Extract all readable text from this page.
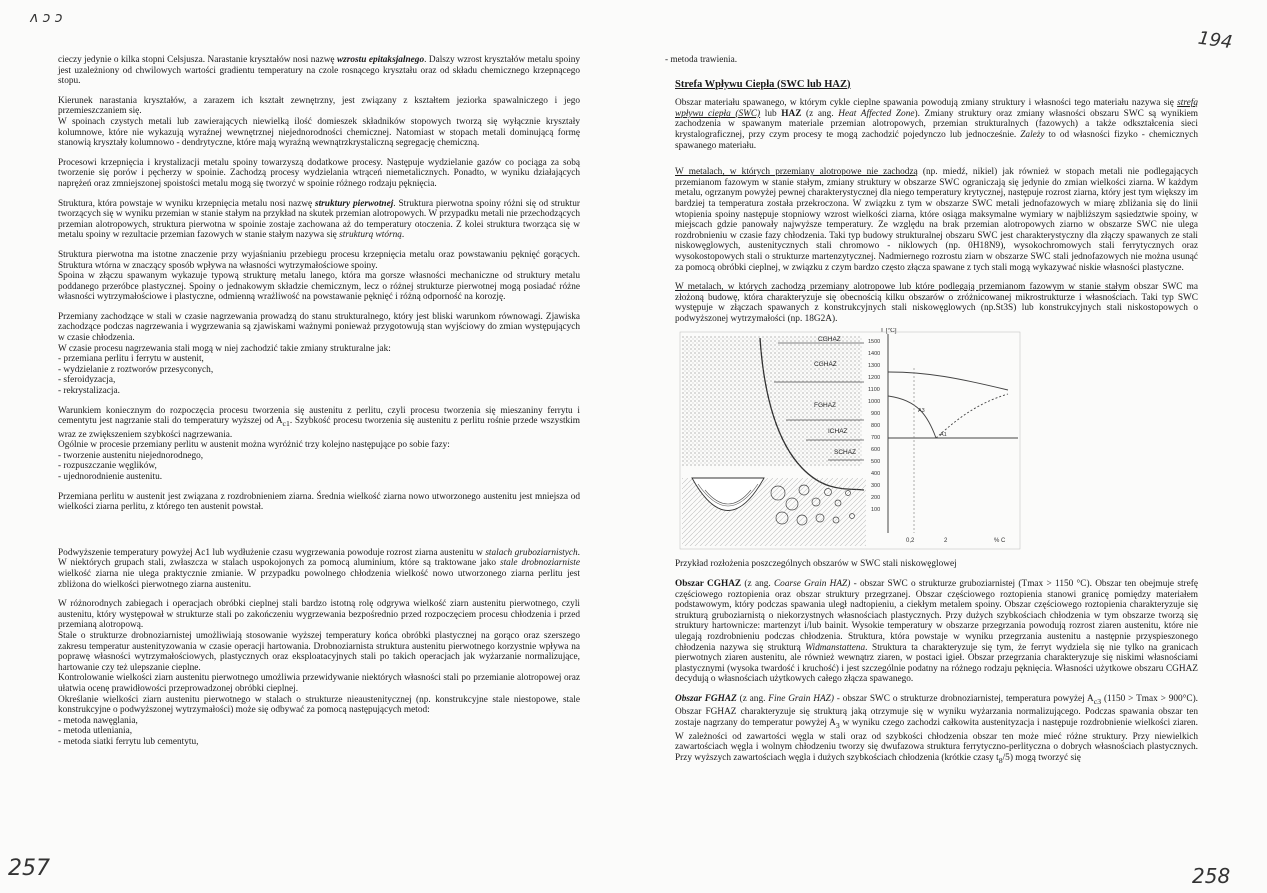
ʌ ↄ ↄ
194
257	258

cieczy jedynie o kilka stopni Celsjusza. Narastanie kryształów nosi nazwę wzrostu epitaksjalnego. Dalszy wzrost kryształów metalu spoiny jest uzależniony od chwilowych wartości gradientu temperatury na czole rosnącego kryształu oraz od składu chemicznego krzepnącego stopu.

Kierunek narastania kryształów, a zarazem ich kształt zewnętrzny, jest związany z kształtem jeziorka spawalniczego i jego przemieszczaniem się.

W spoinach czystych metali lub zawierających niewielką ilość domieszek składników stopowych tworzą się wyłącznie kryształy kolumnowe, które nie wykazują wyraźnej wewnętrznej niejednorodności chemicznej. Natomiast w stopach metali dominującą formę stanowią kryształy kolumnowo - dendrytyczne, które mają wyraźną wewnątrzkrystaliczną segregację chemiczną.

Procesowi krzepnięcia i krystalizacji metalu spoiny towarzyszą dodatkowe procesy. Następuje wydzielanie gazów co pociąga za sobą tworzenie się porów i pęcherzy w spoinie. Zachodzą procesy wydzielania wtrąceń niemetalicznych. Ponadto, w wyniku działających naprężeń oraz zmniejszonej spoistości metalu mogą się tworzyć w spoinie różnego rodzaju pęknięcia.

Struktura, która powstaje w wyniku krzepnięcia metalu nosi nazwę struktury pierwotnej. Struktura pierwotna spoiny różni się od struktur tworzących się w wyniku przemian w stanie stałym na przykład na skutek przemian alotropowych. W przypadku metali nie przechodzących przemian alotropowych, struktura pierwotna w spoinie zostaje zachowana aż do temperatury otoczenia. Z kolei struktura tworząca się w metalu spoiny w rezultacie przemian fazowych w stanie stałym nazywa się strukturą wtórną.

Struktura pierwotna ma istotne znaczenie przy wyjaśnianiu przebiegu procesu krzepnięcia metalu oraz powstawaniu pęknięć gorących. Struktura wtórna w znaczący sposób wpływa na własności wytrzymałościowe spoiny.

Spoina w złączu spawanym wykazuje typową strukturę metalu lanego, która ma gorsze własności mechaniczne od struktury metalu poddanego przeróbce plastycznej. Spoiny o jednakowym składzie chemicznym, lecz o różnej strukturze pierwotnej mogą posiadać różne własności wytrzymałościowe i plastyczne, odmienną wrażliwość na powstawanie pęknięć i różną odporność na korozję.

Przemiany zachodzące w stali w czasie nagrzewania prowadzą do stanu strukturalnego, który jest bliski warunkom równowagi. Zjawiska zachodzące podczas nagrzewania i wygrzewania są zjawiskami ważnymi ponieważ przygotowują stan wyjściowy do zmian występujących w czasie chłodzenia.

W czasie procesu nagrzewania stali mogą w niej zachodzić takie zmiany strukturalne jak:

- przemiana perlitu i ferrytu w austenit,
- wydzielanie z roztworów przesyconych,
- sferoidyzacja,
- rekrystalizacja.

Warunkiem koniecznym do rozpoczęcia procesu tworzenia się austenitu z perlitu, czyli procesu tworzenia się mieszaniny ferrytu i cementytu jest nagrzanie stali do temperatury wyższej od $A_{c1}$. Szybkość procesu tworzenia się austenitu z perlitu rośnie przede wszystkim wraz ze zwiększeniem szybkości nagrzewania.

Ogólnie w procesie przemiany perlitu w austenit można wyróżnić trzy kolejno następujące po sobie fazy:

- tworzenie austenitu niejednorodnego,
- rozpuszczanie węglików,
- ujednorodnienie austenitu.

Przemiana perlitu w austenit jest związana z rozdrobnieniem ziarna. Średnia wielkość ziarna nowo utworzonego austenitu jest mniejsza od wielkości ziarna perlitu, z którego ten austenit powstał.

Podwyższenie temperatury powyżej Ac1 lub wydłużenie czasu wygrzewania powoduje rozrost ziarna austenitu w stalach gruboziarnistych. W niektórych grupach stali, zwłaszcza w stalach uspokojonych za pomocą aluminium, które są traktowane jako stale drobnoziarniste wielkość ziarna nie ulega praktycznie zmianie. W przypadku powolnego chłodzenia wielkość nowo utworzonego ziarna perlitu jest zbliżona do wielkości pierwotnego ziarna austenitu.

W różnorodnych zabiegach i operacjach obróbki cieplnej stali bardzo istotną rolę odgrywa wielkość ziarn austenitu pierwotnego, czyli austenitu, który występował w strukturze stali po zakończeniu wygrzewania bezpośrednio przed rozpoczęciem procesu chłodzenia i przed przemianą alotropową.

Stale o strukturze drobnoziarnistej umożliwiają stosowanie wyższej temperatury końca obróbki plastycznej na gorąco oraz szerszego zakresu temperatur austenityzowania w czasie operacji hartowania. Drobnoziarnista struktura austenitu pierwotnego korzystnie wpływa na poprawę własności wytrzymałościowych, plastycznych oraz eksploatacyjnych stali po takich operacjach jak wyżarzanie normalizujące, hartowanie czy też ulepszanie cieplne.

Kontrolowanie wielkości ziarn austenitu pierwotnego umożliwia przewidywanie niektórych własności stali po przemianie alotropowej oraz ułatwia ocenę prawidłowości przeprowadzonej obróbki cieplnej.

Określanie wielkości ziarn austenitu pierwotnego w stalach o strukturze nieaustenitycznej (np. konstrukcyjne stale niestopowe, stale konstrukcyjne o podwyższonej wytrzymałości) może się odbywać za pomocą następujących metod:

- metoda nawęglania,
- metoda utleniania,
- metoda siatki ferrytu lub cementytu,

- metoda trawienia.

Strefa Wpływu Ciepła (SWC lub HAZ)

Obszar materiału spawanego, w którym cykle cieplne spawania powodują zmiany struktury i własności tego materiału nazywa się strefą wpływu ciepła (SWC) lub HAZ (z ang. Heat Affected Zone). Zmiany struktury oraz zmiany własności obszaru SWC są wynikiem zachodzenia w spawanym materiale przemian alotropowych, przemian strukturalnych (fazowych) a także odkształcenia sieci krystalograficznej, przy czym procesy te mogą zachodzić pojedynczo lub jednocześnie. Zależy to od własności fizyko - chemicznych spawanego materiału.

W metalach, w których przemiany alotropowe nie zachodzą (np. miedź, nikiel) jak również w stopach metali nie podlegających przemianom fazowym w stanie stałym, zmiany struktury w obszarze SWC ograniczają się jedynie do zmian wielkości ziarna. W każdym metalu, ogrzanym powyżej pewnej charakterystycznej dla niego temperatury krytycznej, następuje rozrost ziarna, który jest tym większy im bardziej ta temperatura została przekroczona. W związku z tym w obszarze SWC metali jednofazowych w miarę zbliżania się do linii wtopienia spoiny następuje stopniowy wzrost wielkości ziarna, które osiąga maksymalne wymiary w najbliższym sąsiedztwie spoiny, w miejscach gdzie panowały najwyższe temperatury. Ze względu na brak przemian alotropowych ziarno w obszarze SWC nie ulega rozdrobnieniu w czasie fazy chłodzenia. Taki typ budowy strukturalnej obszaru SWC jest charakterystyczny dla złączy spawanych ze stali niskowęglowych, austenitycznych stali chromowo - niklowych (np. 0H18N9), wysokochromowych stali ferrytycznych oraz wysokostopowych stali o strukturze martenzytycznej. Nadmiernego rozrostu ziarn w obszarze SWC stali jednofazowych nie można usunąć za pomocą obróbki cieplnej, w związku z czym bardzo często złącza spawane z tych stali mogą wykazywać niskie własności plastyczne.

W metalach, w których zachodzą przemiany alotropowe lub które podlegają przemianom fazowym w stanie stałym obszar SWC ma złożoną budowę, która charakteryzuje się obecnością kilku obszarów o zróżnicowanej mikrostrukturze i własnościach. Taki typ SWC występuje w złączach spawanych z konstrukcyjnych stali niskowęglowych (np.St3S) lub konstrukcyjnych stali niskostopowych o podwyższonej wytrzymałości (np. 18G2A).

CGHAZ
CGHAZ
FGHAZ
ICHAZ
SCHAZ
T [°C]
1500
1400
1300
1200
1100
1000
900
800
700
600
500
400
300
200
100
A1
A3
0,2	2	% C

Przykład rozłożenia poszczególnych obszarów w SWC stali niskowęglowej

Obszar CGHAZ (z ang. Coarse Grain HAZ) - obszar SWC o strukturze gruboziarnistej (Tmax > 1150 °C). Obszar ten obejmuje strefę częściowego roztopienia oraz obszar struktury przegrzanej. Obszar częściowego roztopienia stanowi granicę pomiędzy materiałem podstawowym, który podczas spawania uległ nadtopieniu, a ciekłym metalem spoiny. Obszar częściowego roztopienia charakteryzuje się strukturą gruboziarnistą o niekorzystnych własnościach plastycznych. Przy dużych szybkościach chłodzenia w tym obszarze tworzą się struktury hartownicze: martenzyt i/lub bainit. Wysokie temperatury w obszarze przegrzania powodują rozrost ziaren austenitu, które nie ulegają rozdrobnieniu podczas chłodzenia. Struktura, która powstaje w wyniku przegrzania austenitu a następnie przyspieszonego chłodzenia nazywa się strukturą Widmanstattena. Struktura ta charakteryzuje się tym, że ferryt wydziela się nie tylko na granicach pierwotnych ziaren austenitu, ale również wewnątrz ziaren, w postaci igieł. Obszar przegrzania charakteryzuje się niskimi własnościami plastycznymi (wysoka twardość i kruchość) i jest szczególnie podatny na różnego rodzaju pęknięcia. Własności użytkowe obszaru CGHAZ decydują o własnościach użytkowych całego złącza spawanego.

Obszar FGHAZ (z ang. Fine Grain HAZ) - obszar SWC o strukturze drobnoziarnistej, temperatura powyżej $A_{c3}$ (1150 > Tmax > 900°C). Obszar FGHAZ charakteryzuje się strukturą jaką otrzymuje się w wyniku wyżarzania normalizującego. Podczas spawania obszar ten zostaje nagrzany do temperatur powyżej $A_3$ w wyniku czego zachodzi całkowita austenityzacja i następuje rozdrobnienie wielkości ziaren. W zależności od zawartości węgla w stali oraz od szybkości chłodzenia obszar ten może mieć różne struktury. Przy niewielkich zawartościach węgla i wolnym chłodzeniu tworzy się dwufazowa struktura ferrytyczno-perlityczna o dobrych własnościach plastycznych. Przy wyższych zawartościach węgla i dużych szybkościach chłodzenia (krótkie czasy $t_8/5$) mogą tworzyć się
